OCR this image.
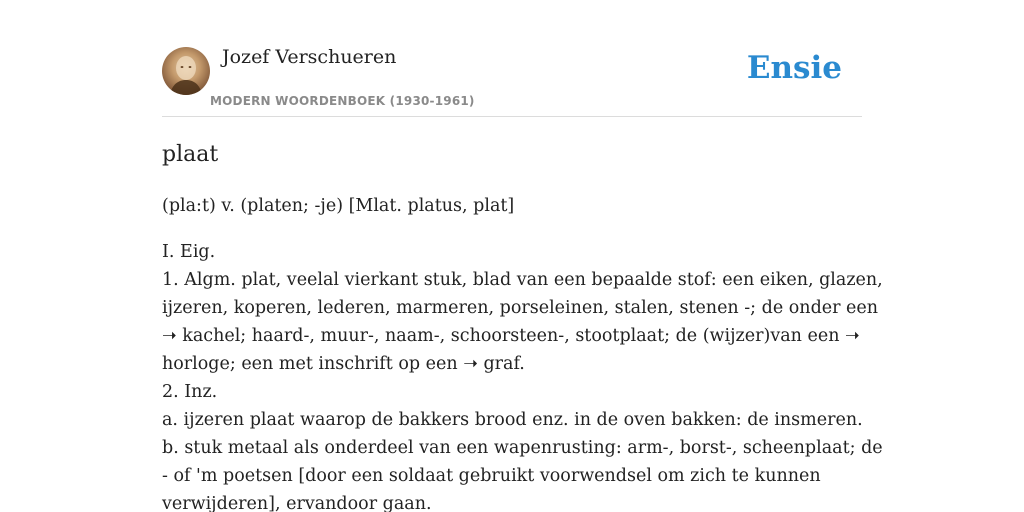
Jozef Verschueren
MODERN WOORDENBOEK (1930-1961)
Ensie
plaat
(pla:t) v. (platen; -je) [Mlat. platus, plat]
I. Eig.
1. Algm. plat, veelal vierkant stuk, blad van een bepaalde stof: een eiken, glazen,
ijzeren, koperen, lederen, marmeren, porseleinen, stalen, stenen -; de onder een
➝ kachel; haard-, muur-, naam-, schoorsteen-, stootplaat; de (wijzer)van een ➝
horloge; een met inschrift op een ➝ graf.
2. Inz.
a. ijzeren plaat waarop de bakkers brood enz. in de oven bakken: de insmeren.
b. stuk metaal als onderdeel van een wapenrusting: arm-, borst-, scheenplaat; de
- of 'm poetsen [door een soldaat gebruikt voorwendsel om zich te kunnen
verwijderen], ervandoor gaan.
